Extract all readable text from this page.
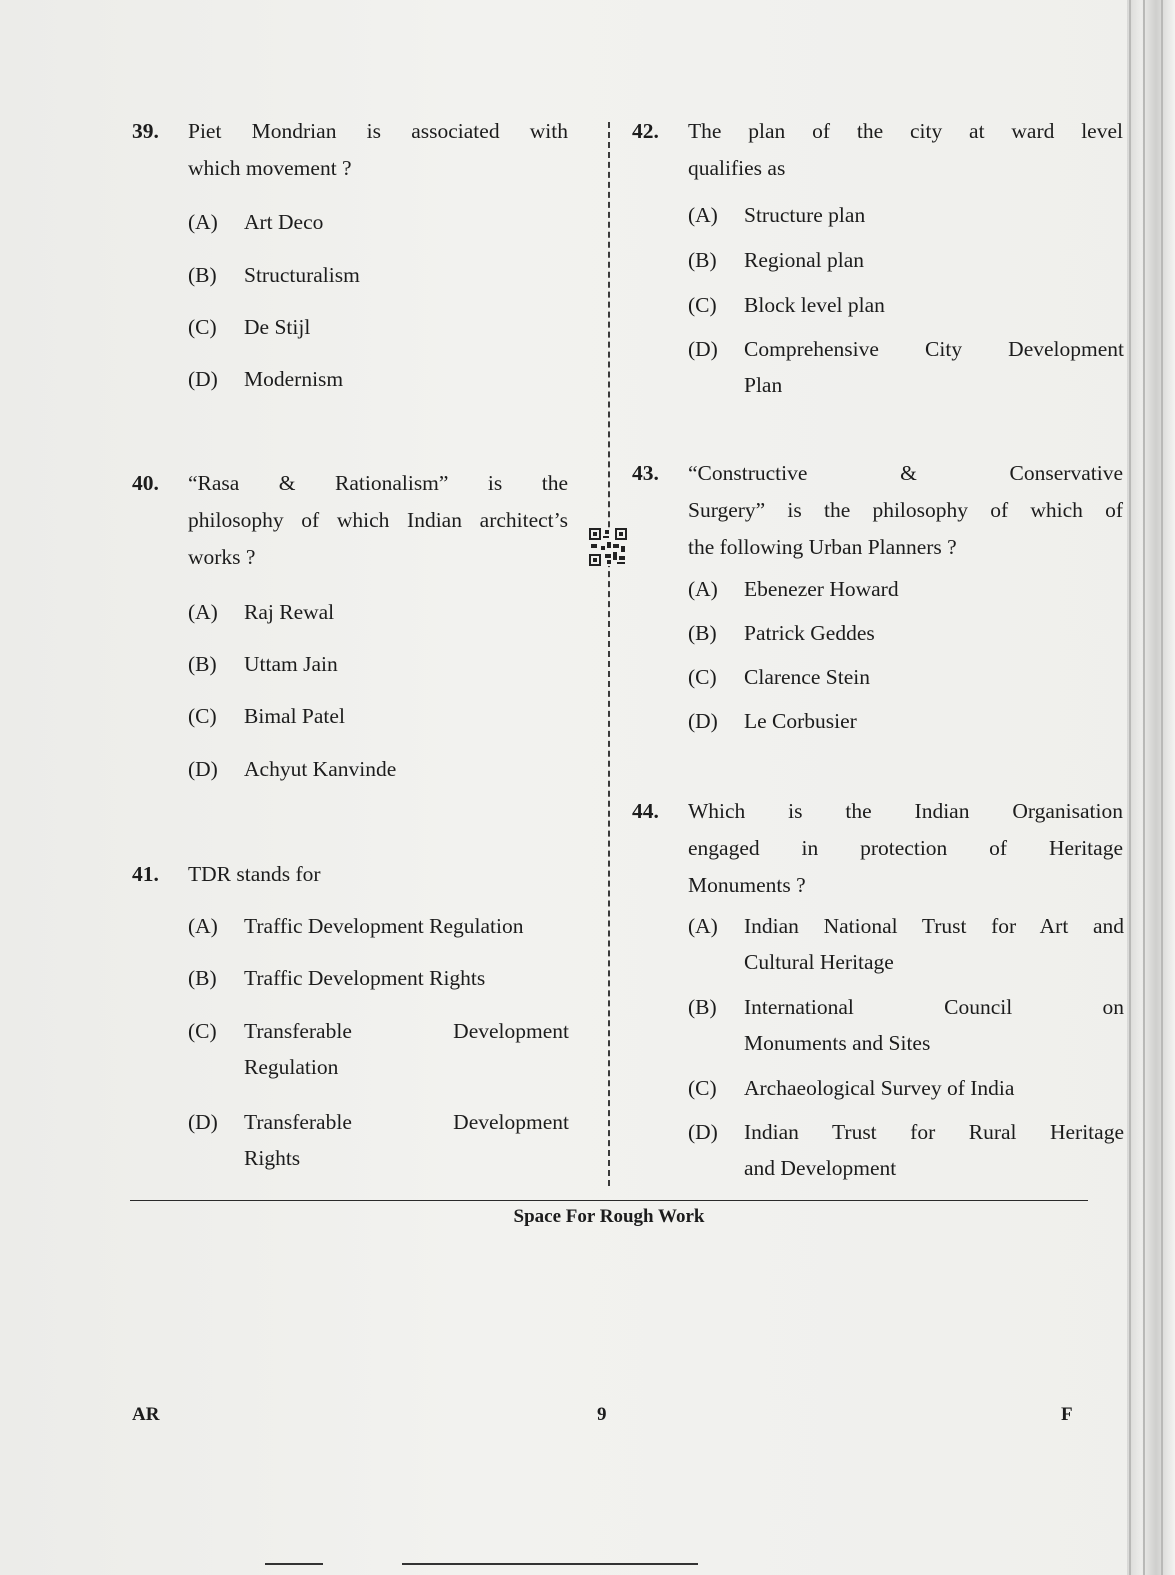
39. Piet Mondrian is associated with
which movement ?
(A) Art Deco
(B) Structuralism
(C) De Stijl
(D) Modernism
40. “Rasa & Rationalism” is the
philosophy of which Indian architect’s
works ?
(A) Raj Rewal
(B) Uttam Jain
(C) Bimal Patel
(D) Achyut Kanvinde
41. TDR stands for
(A) Traffic Development Regulation
(B) Traffic Development Rights
(C) Transferable Development
Regulation
(D) Transferable Development
Rights
42. The plan of the city at ward level
qualifies as
(A) Structure plan
(B) Regional plan
(C) Block level plan
(D) Comprehensive City Development
Plan
43. “Constructive & Conservative
Surgery” is the philosophy of which of
the following Urban Planners ?
(A) Ebenezer Howard
(B) Patrick Geddes
(C) Clarence Stein
(D) Le Corbusier
44. Which is the Indian Organisation
engaged in protection of Heritage
Monuments ?
(A) Indian National Trust for Art and
Cultural Heritage
(B) International Council on
Monuments and Sites
(C) Archaeological Survey of India
(D) Indian Trust for Rural Heritage
and Development
Space For Rough Work
AR	9	F
